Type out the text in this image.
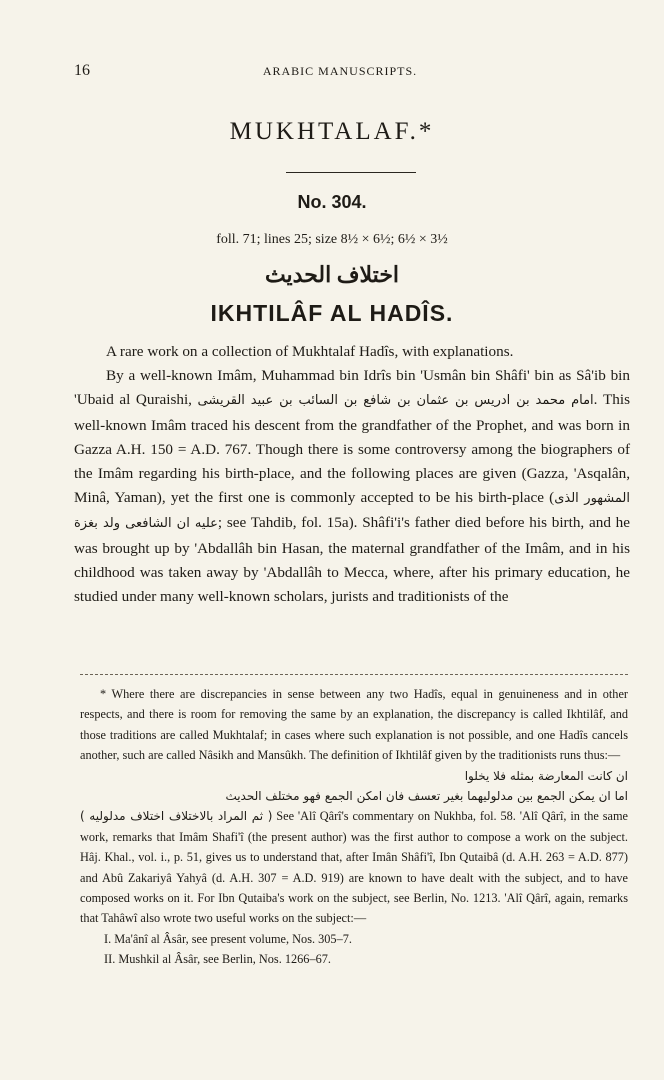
16	ARABIC MANUSCRIPTS.
MUKHTALAF.*
No. 304.
foll. 71; lines 25; size 8½ × 6½; 6½ × 3½
اختلاف الحديث
IKHTILÂF AL HADÎS.

A rare work on a collection of Mukhtalaf Hadîs, with explanations.

By a well-known Imâm, Muhammad bin Idrîs bin 'Usmân bin Shâfi' bin as Sâ'ib bin 'Ubaid al Quraishi, امام محمد بن ادریس بن عثمان بن شافع بن السائب بن عبید القریشی. This well-known Imâm traced his descent from the grandfather of the Prophet, and was born in Gazza A.H. 150 = A.D. 767. Though there is some controversy among the biographers of the Imâm regarding his birth-place, and the following places are given (Gazza, 'Asqalân, Minâ, Yaman), yet the first one is commonly accepted to be his birth-place (المشهور الذی علیه ان الشافعی ولد بغزة; see Tahdib, fol. 15a). Shâfi'i's father died before his birth, and he was brought up by 'Abdallâh bin Hasan, the maternal grandfather of the Imâm, and in his childhood was taken away by 'Abdallâh to Mecca, where, after his primary education, he studied under many well-known scholars, jurists and traditionists of the

* Where there are discrepancies in sense between any two Hadîs, equal in genuineness and in other respects, and there is room for removing the same by an explanation, the discrepancy is called Ikhtilâf, and those traditions are called Mukhtalaf; in cases where such explanation is not possible, and one Hadîs cancels another, such are called Nâsikh and Mansûkh. The definition of Ikhtilâf given by the traditionists runs thus:—

ان كانت المعارضة بمثله فلا يخلوا
اما ان يمكن الجمع بين مدلوليهما بغير تعسف فان امكن الجمع فهو مختلف الحديث

( ثم المراد بالاختلاف اختلاف مدلولیه ) See 'Alî Qârî's commentary on Nukhba, fol. 58. 'Alî Qârî, in the same work, remarks that Imâm Shafi'î (the present author) was the first author to compose a work on the subject. Hâj. Khal., vol. i., p. 51, gives us to understand that, after Imân Shâfi'î, Ibn Qutaibâ (d. A.H. 263 = A.D. 877) and Abû Zakariyâ Yahyâ (d. A.H. 307 = A.D. 919) are known to have dealt with the subject, and to have composed works on it. For Ibn Qutaiba's work on the subject, see Berlin, No. 1213. 'Alî Qârî, again, remarks that Tahâwî also wrote two useful works on the subject:—

I. Ma'ânî al Âsâr, see present volume, Nos. 305–7.
II. Mushkil al Âsâr, see Berlin, Nos. 1266–67.
